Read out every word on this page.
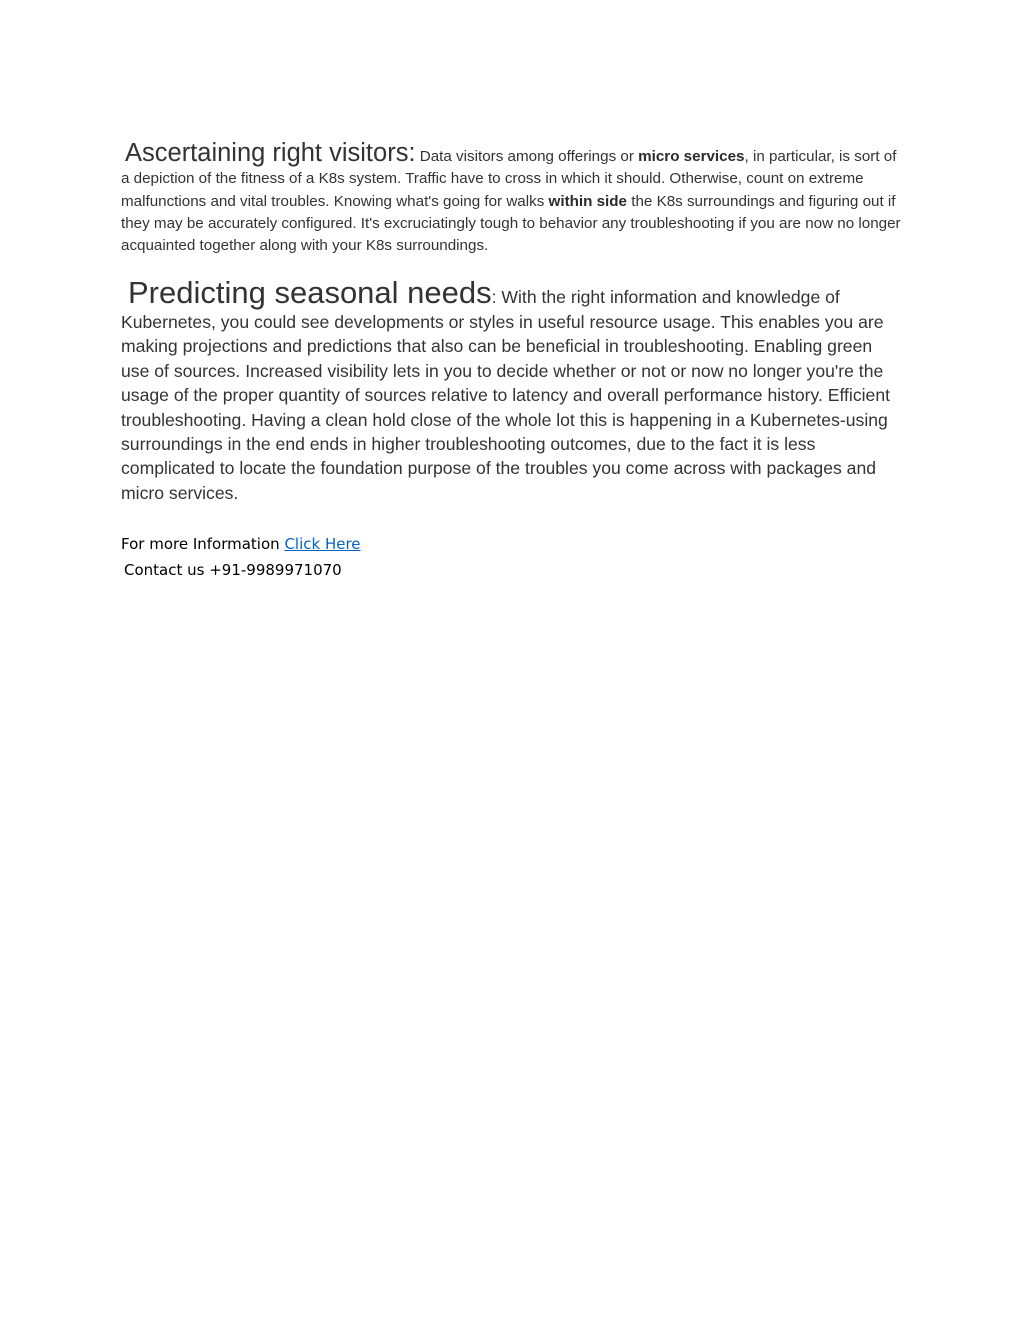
Ascertaining right visitors: Data visitors among offerings or micro services, in particular, is sort of a depiction of the fitness of a K8s system. Traffic have to cross in which it should. Otherwise, count on extreme malfunctions and vital troubles. Knowing what's going for walks within side the K8s surroundings and figuring out if they may be accurately configured. It's excruciatingly tough to behavior any troubleshooting if you are now no longer acquainted together along with your K8s surroundings.

Predicting seasonal needs: With the right information and knowledge of Kubernetes, you could see developments or styles in useful resource usage. This enables you are making projections and predictions that also can be beneficial in troubleshooting. Enabling green use of sources. Increased visibility lets in you to decide whether or not or now no longer you're the usage of the proper quantity of sources relative to latency and overall performance history. Efficient troubleshooting. Having a clean hold close of the whole lot this is happening in a Kubernetes-using surroundings in the end ends in higher troubleshooting outcomes, due to the fact it is less complicated to locate the foundation purpose of the troubles you come across with packages and micro services.

For more Information Click Here
Contact us +91-9989971070
